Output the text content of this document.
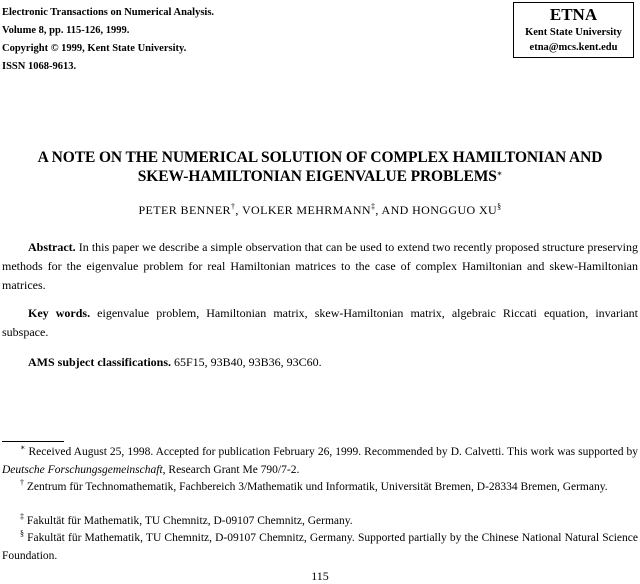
Electronic Transactions on Numerical Analysis.
Volume 8, pp. 115-126, 1999.
Copyright © 1999, Kent State University.
ISSN 1068-9613.
ETNA
Kent State University
etna@mcs.kent.edu
A NOTE ON THE NUMERICAL SOLUTION OF COMPLEX HAMILTONIAN AND
SKEW-HAMILTONIAN EIGENVALUE PROBLEMS∗
PETER BENNER†, VOLKER MEHRMANN‡, AND HONGGUO XU§
Abstract. In this paper we describe a simple observation that can be used to extend two recently proposed structure preserving methods for the eigenvalue problem for real Hamiltonian matrices to the case of complex Hamiltonian and skew-Hamiltonian matrices.
Key words. eigenvalue problem, Hamiltonian matrix, skew-Hamiltonian matrix, algebraic Riccati equation, invariant subspace.
AMS subject classifications. 65F15, 93B40, 93B36, 93C60.
∗ Received August 25, 1998. Accepted for publication February 26, 1999. Recommended by D. Calvetti. This work was supported by Deutsche Forschungsgemeinschaft, Research Grant Me 790/7-2.
† Zentrum für Technomathematik, Fachbereich 3/Mathematik und Informatik, Universität Bremen, D-28334 Bremen, Germany.
‡ Fakultät für Mathematik, TU Chemnitz, D-09107 Chemnitz, Germany.
§ Fakultät für Mathematik, TU Chemnitz, D-09107 Chemnitz, Germany. Supported partially by the Chinese National Natural Science Foundation.
115
